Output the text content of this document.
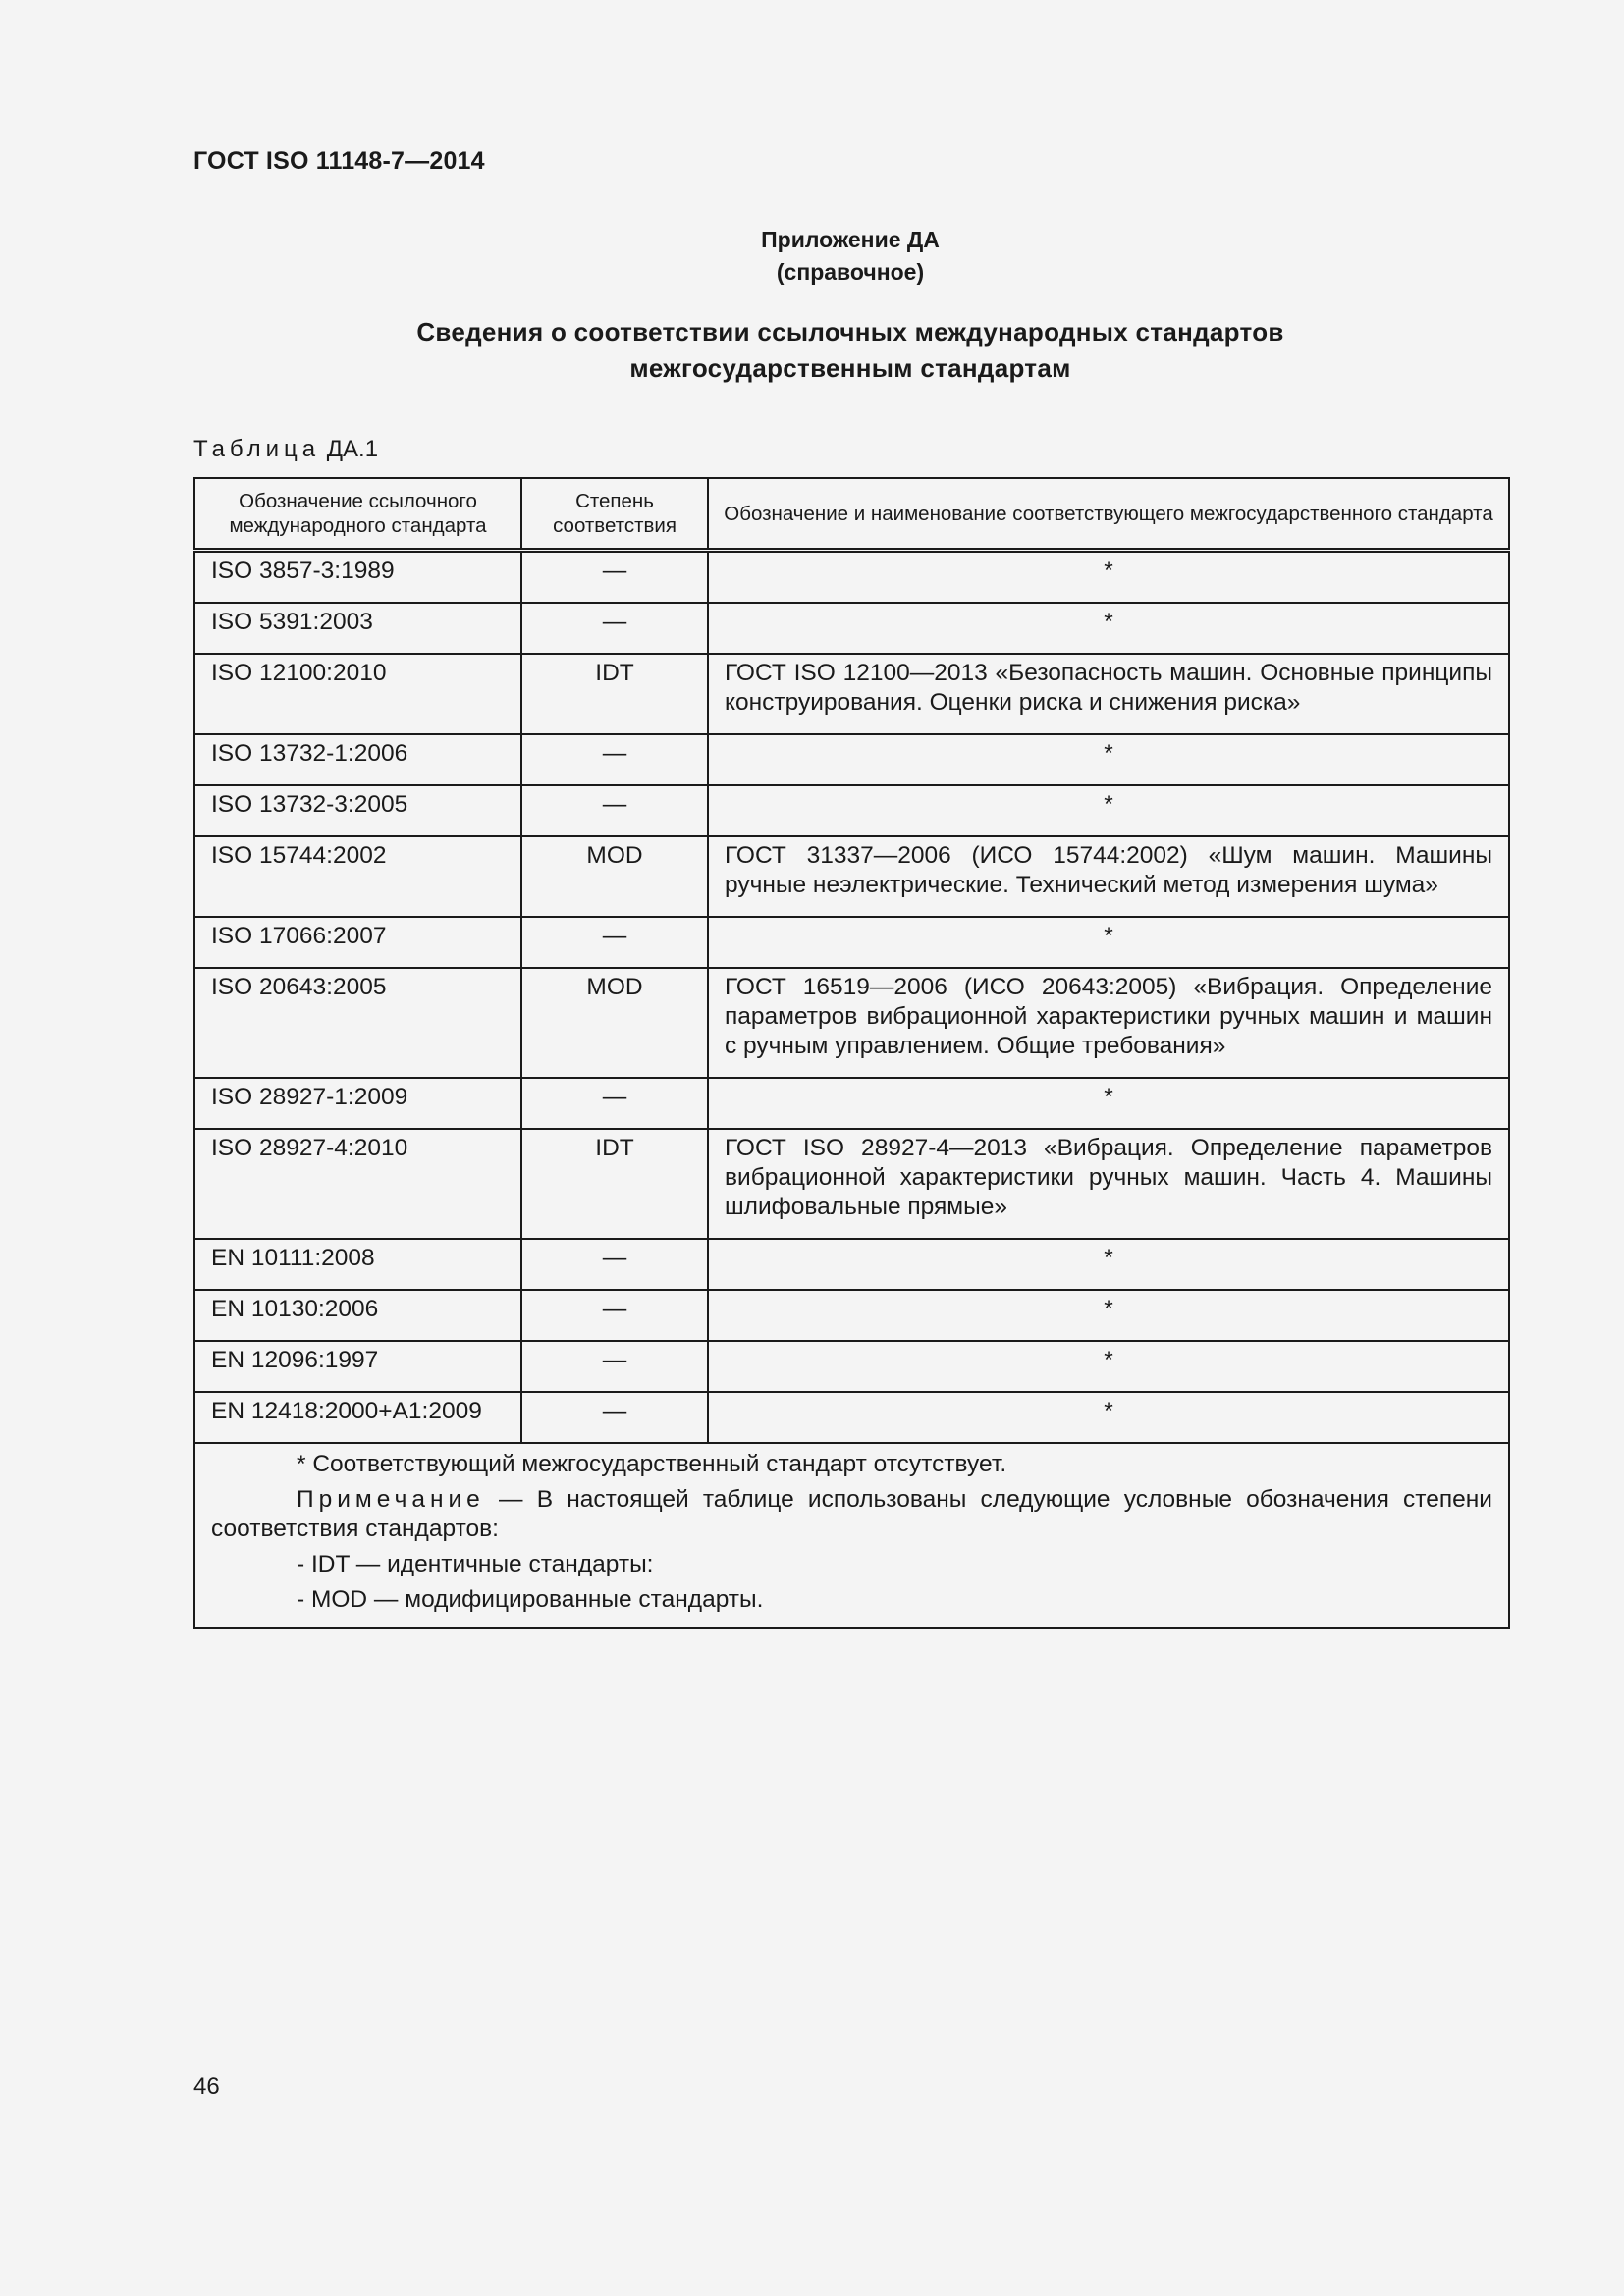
ГОСТ ISO 11148-7—2014
Приложение ДА
(справочное)
Сведения о соответствии ссылочных международных стандартов
межгосударственным стандартам
Таблица ДА.1
Обозначение ссылочного международного стандарта	Степень соответствия	Обозначение и наименование соответствующего межгосударственного стандарта
ISO 3857-3:1989	—	*
ISO 5391:2003	—	*
ISO 12100:2010	IDT	ГОСТ ISO 12100—2013 «Безопасность машин. Основные принципы конструирования. Оценки риска и снижения риска»
ISO 13732-1:2006	—	*
ISO 13732-3:2005	—	*
ISO 15744:2002	MOD	ГОСТ 31337—2006 (ИСО 15744:2002) «Шум машин. Машины ручные неэлектрические. Технический метод измерения шума»
ISO 17066:2007	—	*
ISO 20643:2005	MOD	ГОСТ 16519—2006 (ИСО 20643:2005) «Вибрация. Определение параметров вибрационной характеристики ручных машин и машин с ручным управлением. Общие требования»
ISO 28927-1:2009	—	*
ISO 28927-4:2010	IDT	ГОСТ ISO 28927-4—2013 «Вибрация. Определение параметров вибрационной характеристики ручных машин. Часть 4. Машины шлифовальные прямые»
EN 10111:2008	—	*
EN 10130:2006	—	*
EN 12096:1997	—	*
EN 12418:2000+A1:2009	—	*

* Соответствующий межгосударственный стандарт отсутствует.
Примечание — В настоящей таблице использованы следующие условные обозначения степени соответствия стандартов:
- IDT — идентичные стандарты:
- MOD — модифицированные стандарты.		
46
